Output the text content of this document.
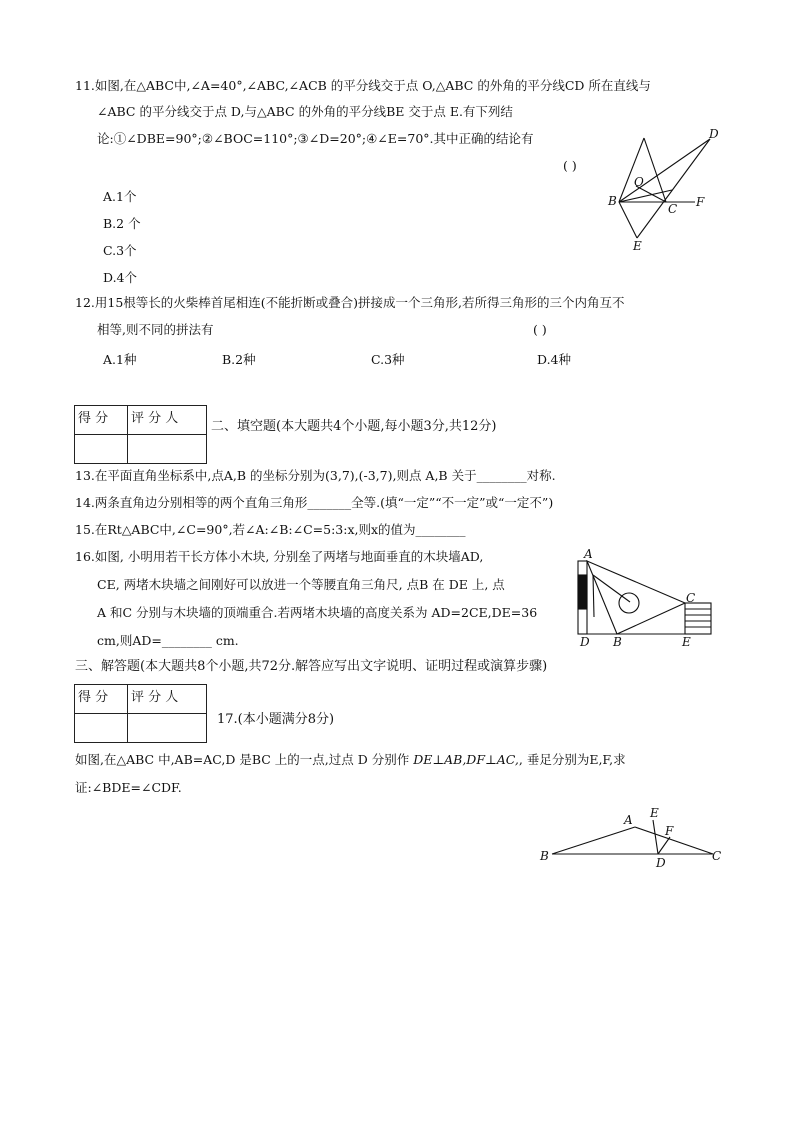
11.如图,在△ABC中,∠A=40°,∠ABC,∠ACB 的平分线交于点 O,△ABC 的外角的平分线CD 所在直线与
∠ABC 的平分线交于点 D,与△ABC 的外角的平分线BE 交于点 E.有下列结
论:①∠DBE=90°;②∠BOC=110°;③∠D=20°;④∠E=70°.其中正确的结论有
( )
A.1个
B.2 个
C.3个
D.4个
D
O
B
C F
E
12.用15根等长的火柴棒首尾相连(不能折断或叠合)拼接成一个三角形,若所得三角形的三个内角互不
相等,则不同的拼法有	( )
A.1种	B.2种	C.3种	D.4种
得 分	评 分 人

二、填空题(本大题共4个小题,每小题3分,共12分)
13.在平面直角坐标系中,点A,B 的坐标分别为(3,7),(-3,7),则点 A,B 关于________对称.
14.两条直角边分别相等的两个直角三角形_______全等.(填“一定”“不一定”或“一定不”)
15.在Rt△ABC中,∠C=90°,若∠A:∠B:∠C=5:3:x,则x的值为________
16.如图, 小明用若干长方体小木块, 分别垒了两堵与地面垂直的木块墙AD,
CE, 两堵木块墙之间刚好可以放进一个等腰直角三角尺, 点B 在 DE 上, 点
A 和C 分别与木块墙的顶端重合.若两堵木块墙的高度关系为 AD=2CE,DE=36
cm,则AD=________ cm.
A
C
D B	E
三、解答题(本大题共8个小题,共72分.解答应写出文字说明、证明过程或演算步骤)
得 分	评 分 人

17.(本小题满分8分)
如图,在△ABC 中,AB=AC,D 是BC 上的一点,过点 D 分别作 DE⊥AB,DF⊥AC,, 垂足分别为E,F,求
证:∠BDE=∠CDF.
A E
F
B	D	C
